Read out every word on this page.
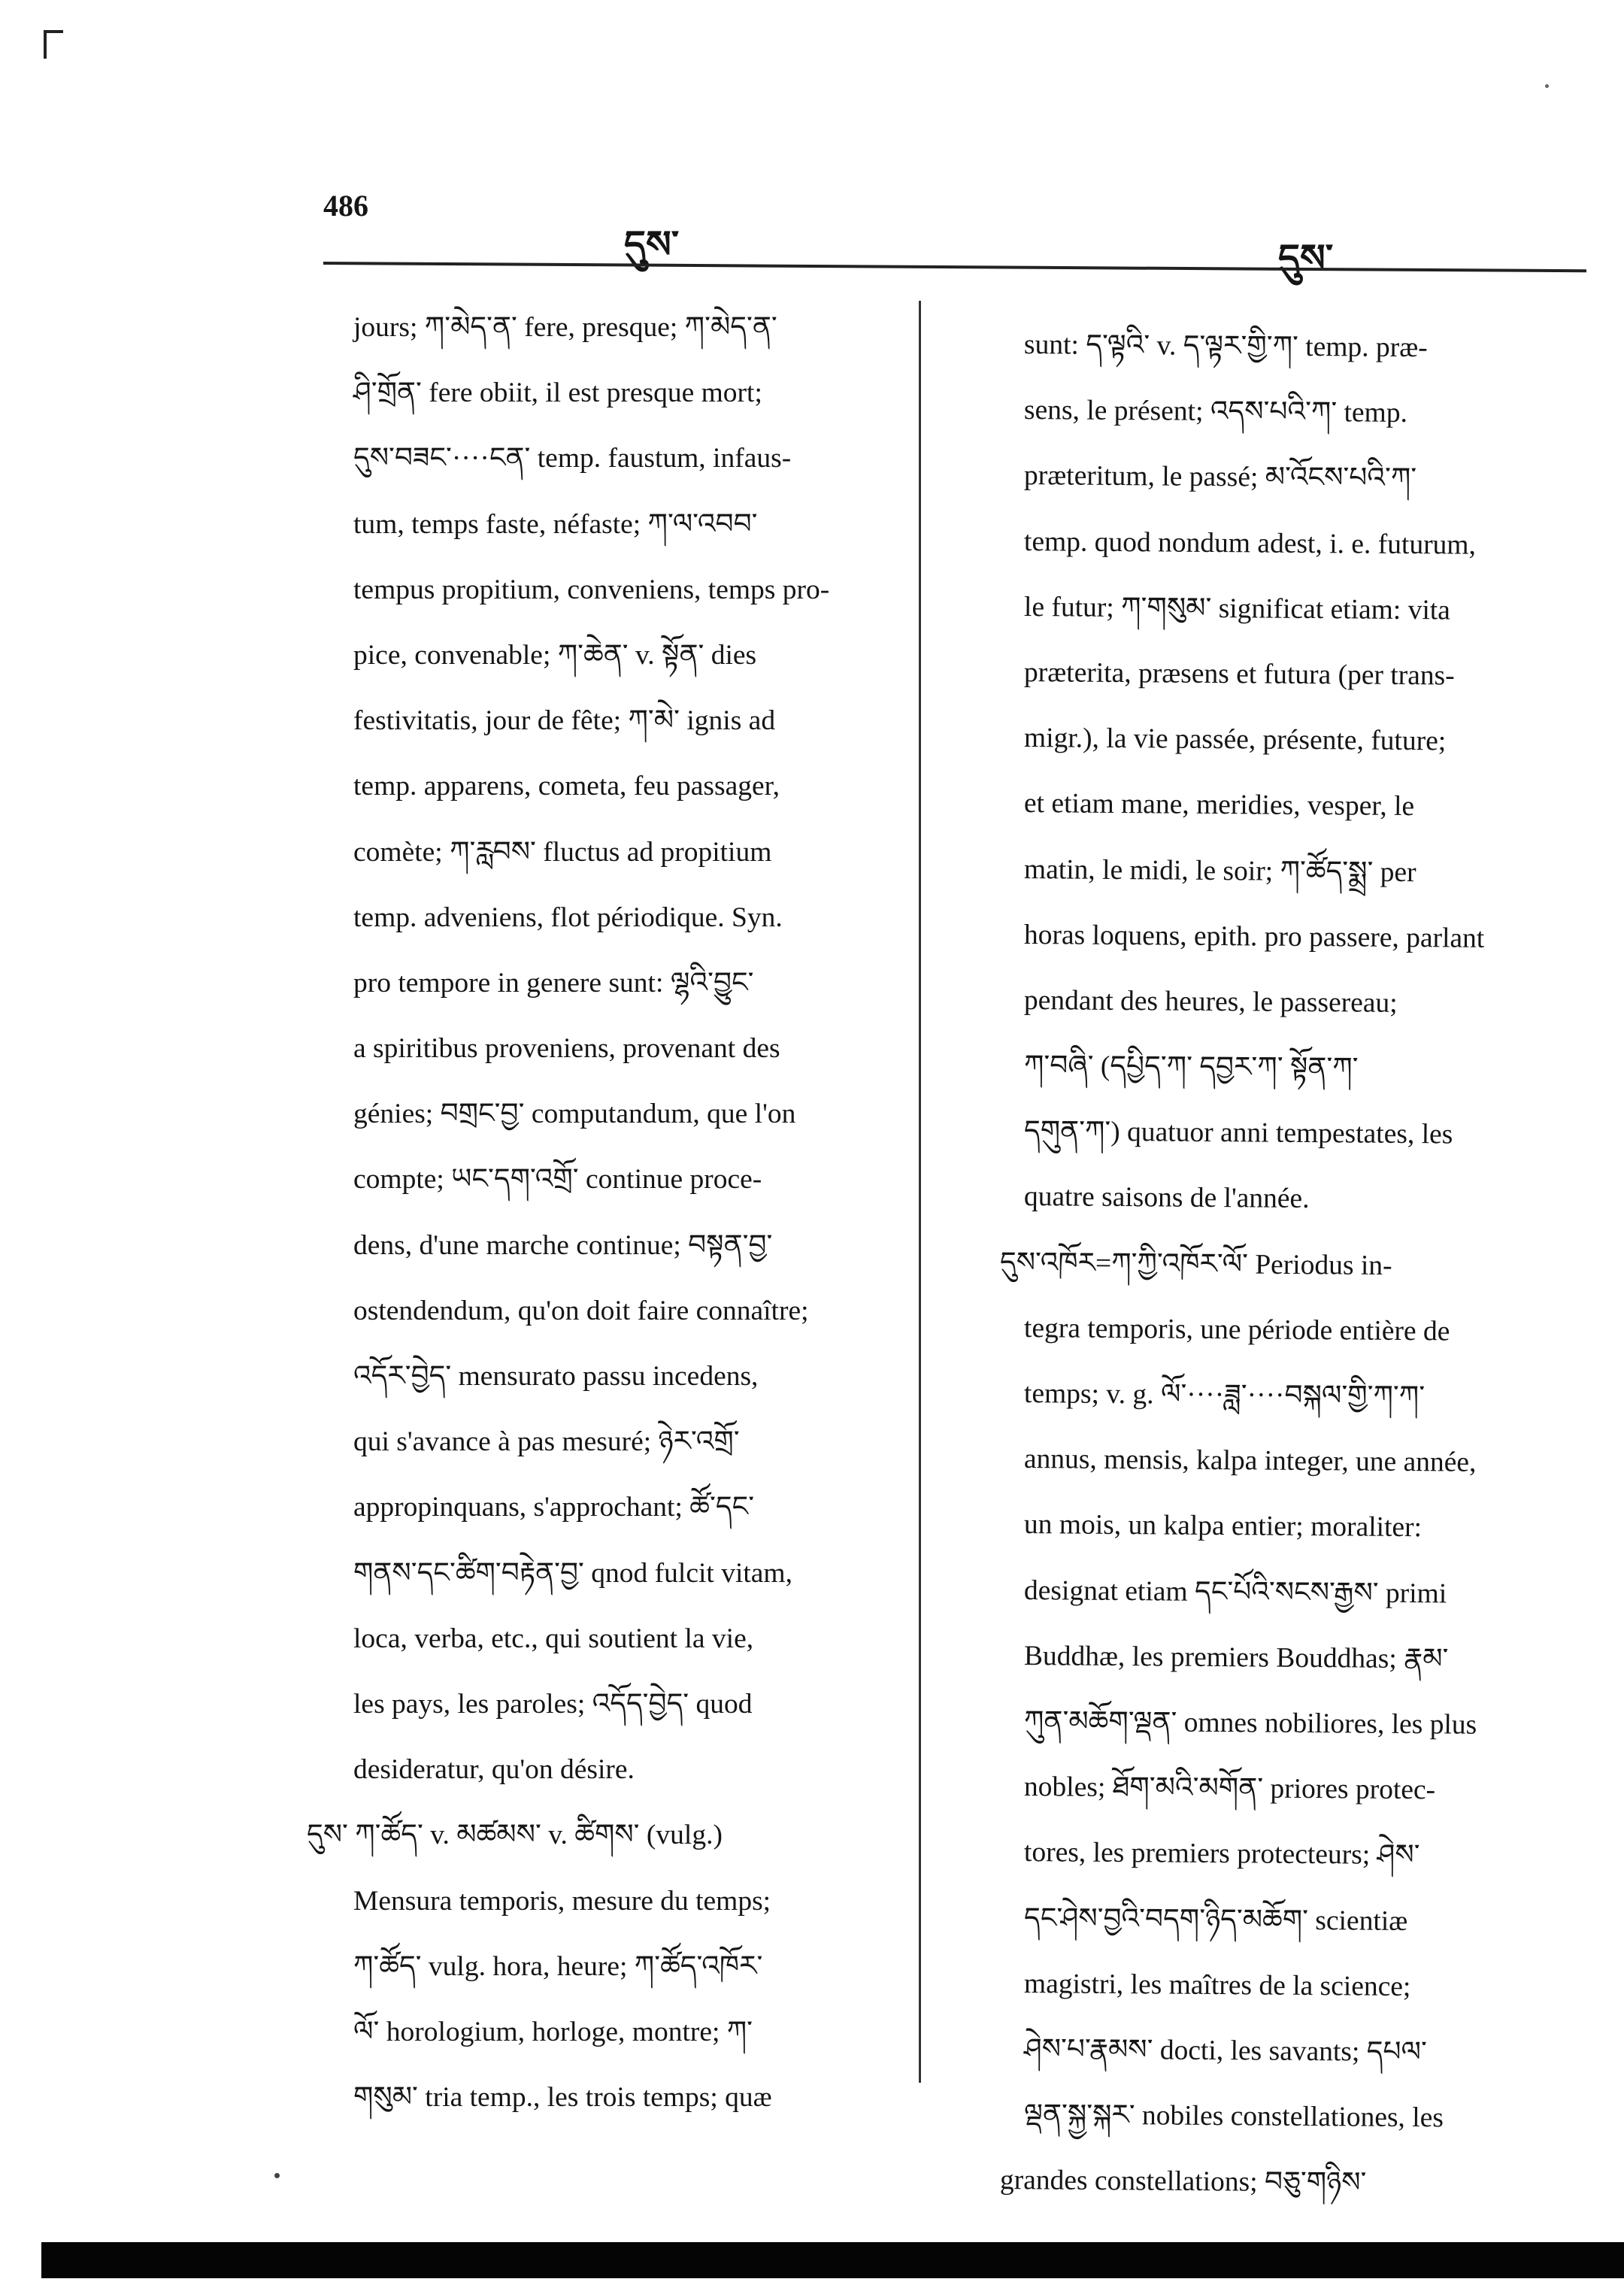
486
དུས་	དུས་
jours; ཀ་མེད་ན་ fere, presque; ཀ་མེད་ན་
ཤི་གྲོན་ fere obiit, il est presque mort;
དུས་བཟང་····ངན་ temp. faustum, infaus-
tum, temps faste, néfaste; ཀ་ལ་འབབ་
tempus propitium, conveniens, temps pro-
pice, convenable; ཀ་ཆེན་ v. སྟོན་ dies
festivitatis, jour de fête; ཀ་མེ་ ignis ad
temp. apparens, cometa, feu passager,
comète; ཀ་རླབས་ fluctus ad propitium
temp. adveniens, flot périodique. Syn.
pro tempore in genere sunt: ལྷའི་བྱུང་
a spiritibus proveniens, provenant des
génies; བགྲང་བྱ་ computandum, que l'on
compte; ཡང་དག་འགྲོ་ continue proce-
dens, d'une marche continue; བསྟན་བྱ་
ostendendum, qu'on doit faire connaître;
འདོར་བྱེད་ mensurato passu incedens,
qui s'avance à pas mesuré; ཉེར་འགྲོ་
appropinquans, s'approchant; ཚོ་དང་
གནས་དང་ཚིག་བརྟེན་བྱ་ qnod fulcit vitam,
loca, verba, etc., qui soutient la vie,
les pays, les paroles; འདོད་བྱེད་ quod
desideratur, qu'on désire.
དུས་ ཀ་ཚོད་ v. མཚམས་ v. ཚིགས་ (vulg.)
Mensura temporis, mesure du temps;
ཀ་ཚོད་ vulg. hora, heure; ཀ་ཚོད་འཁོར་
ལོ་ horologium, horloge, montre; ཀ་
གསུམ་ tria temp., les trois temps; quæ
sunt: ད་ལྟའི་ v. ད་ལྟར་གྱི་ཀ་ temp. præ-
sens, le présent; འདས་པའི་ཀ་ temp.
præteritum, le passé; མ་འོངས་པའི་ཀ་
temp. quod nondum adest, i. e. futurum,
le futur; ཀ་གསུམ་ significat etiam: vita
præterita, præsens et futura (per trans-
migr.), la vie passée, présente, future;
et etiam mane, meridies, vesper, le
matin, le midi, le soir; ཀ་ཚོད་སྨྲ་ per
horas loquens, epith. pro passere, parlant
pendant des heures, le passereau;
ཀ་བཞི་ (དཔྱིད་ཀ་ དབྱར་ཀ་ སྟོན་ཀ་
དགུན་ཀ་) quatuor anni tempestates, les
quatre saisons de l'année.
དུས་འཁོར=ཀ་ཀྱི་འཁོར་ལོ་ Periodus in-
tegra temporis, une période entière de
temps; v. g. ལོ་····ཟླ་····བསྐལ་གྱི་ཀ་ཀ་
annus, mensis, kalpa integer, une année,
un mois, un kalpa entier; moraliter:
designat etiam དང་པོའི་སངས་རྒྱས་ primi
Buddhæ, les premiers Bouddhas; རྣམ་
ཀུན་མཆོག་ལྡན་ omnes nobiliores, les plus
nobles; ཐོག་མའི་མགོན་ priores protec-
tores, les premiers protecteurs; ཤེས་
དང་ཤེས་བྱའི་བདག་ཉིད་མཆོག་ scientiæ
magistri, les maîtres de la science;
ཤེས་པ་རྣམས་ docti, les savants; དཔལ་
ལྡན་སྐྱ་སྐར་ nobiles constellationes, les
grandes constellations; བཅུ་གཉིས་
